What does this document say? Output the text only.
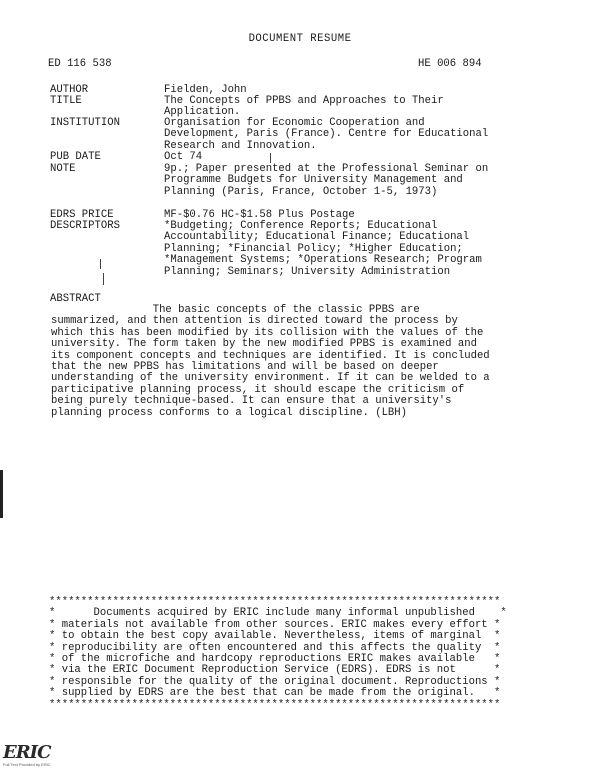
DOCUMENT RESUME
ED 116 538	HE 006 894
AUTHOR	Fielden, John
TITLE	The Concepts of PPBS and Approaches to Their
Application.
INSTITUTION	Organisation for Economic Cooperation and
Development, Paris (France). Centre for Educational
Research and Innovation.
PUB DATE	Oct 74
NOTE	9p.; Paper presented at the Professional Seminar on
Programme Budgets for University Management and
Planning (Paris, France, October 1-5, 1973)
EDRS PRICE	MF-$0.76 HC-$1.58 Plus Postage
DESCRIPTORS	*Budgeting; Conference Reports; Educational
Accountability; Educational Finance; Educational
Planning; *Financial Policy; *Higher Education;
*Management Systems; *Operations Research; Program
Planning; Seminars; University Administration
ABSTRACT
The basic concepts of the classic PPBS are
summarized, and then attention is directed toward the process by
which this has been modified by its collision with the values of the
university. The form taken by the new modified PPBS is examined and
its component concepts and techniques are identified. It is concluded
that the new PPBS has limitations and will be based on deeper
understanding of the university environment. If it can be welded to a
participative planning process, it should escape the criticism of
being purely technique-based. It can ensure that a university's
planning process conforms to a logical discipline. (LBH)
***********************************************************************
*      Documents acquired by ERIC include many informal unpublished    *
* materials not available from other sources. ERIC makes every effort *
* to obtain the best copy available. Nevertheless, items of marginal  *
* reproducibility are often encountered and this affects the quality  *
* of the microfiche and hardcopy reproductions ERIC makes available   *
* via the ERIC Document Reproduction Service (EDRS). EDRS is not      *
* responsible for the quality of the original document. Reproductions *
* supplied by EDRS are the best that can be made from the original.   *
***********************************************************************
ERIC
Full Text Provided by ERIC
